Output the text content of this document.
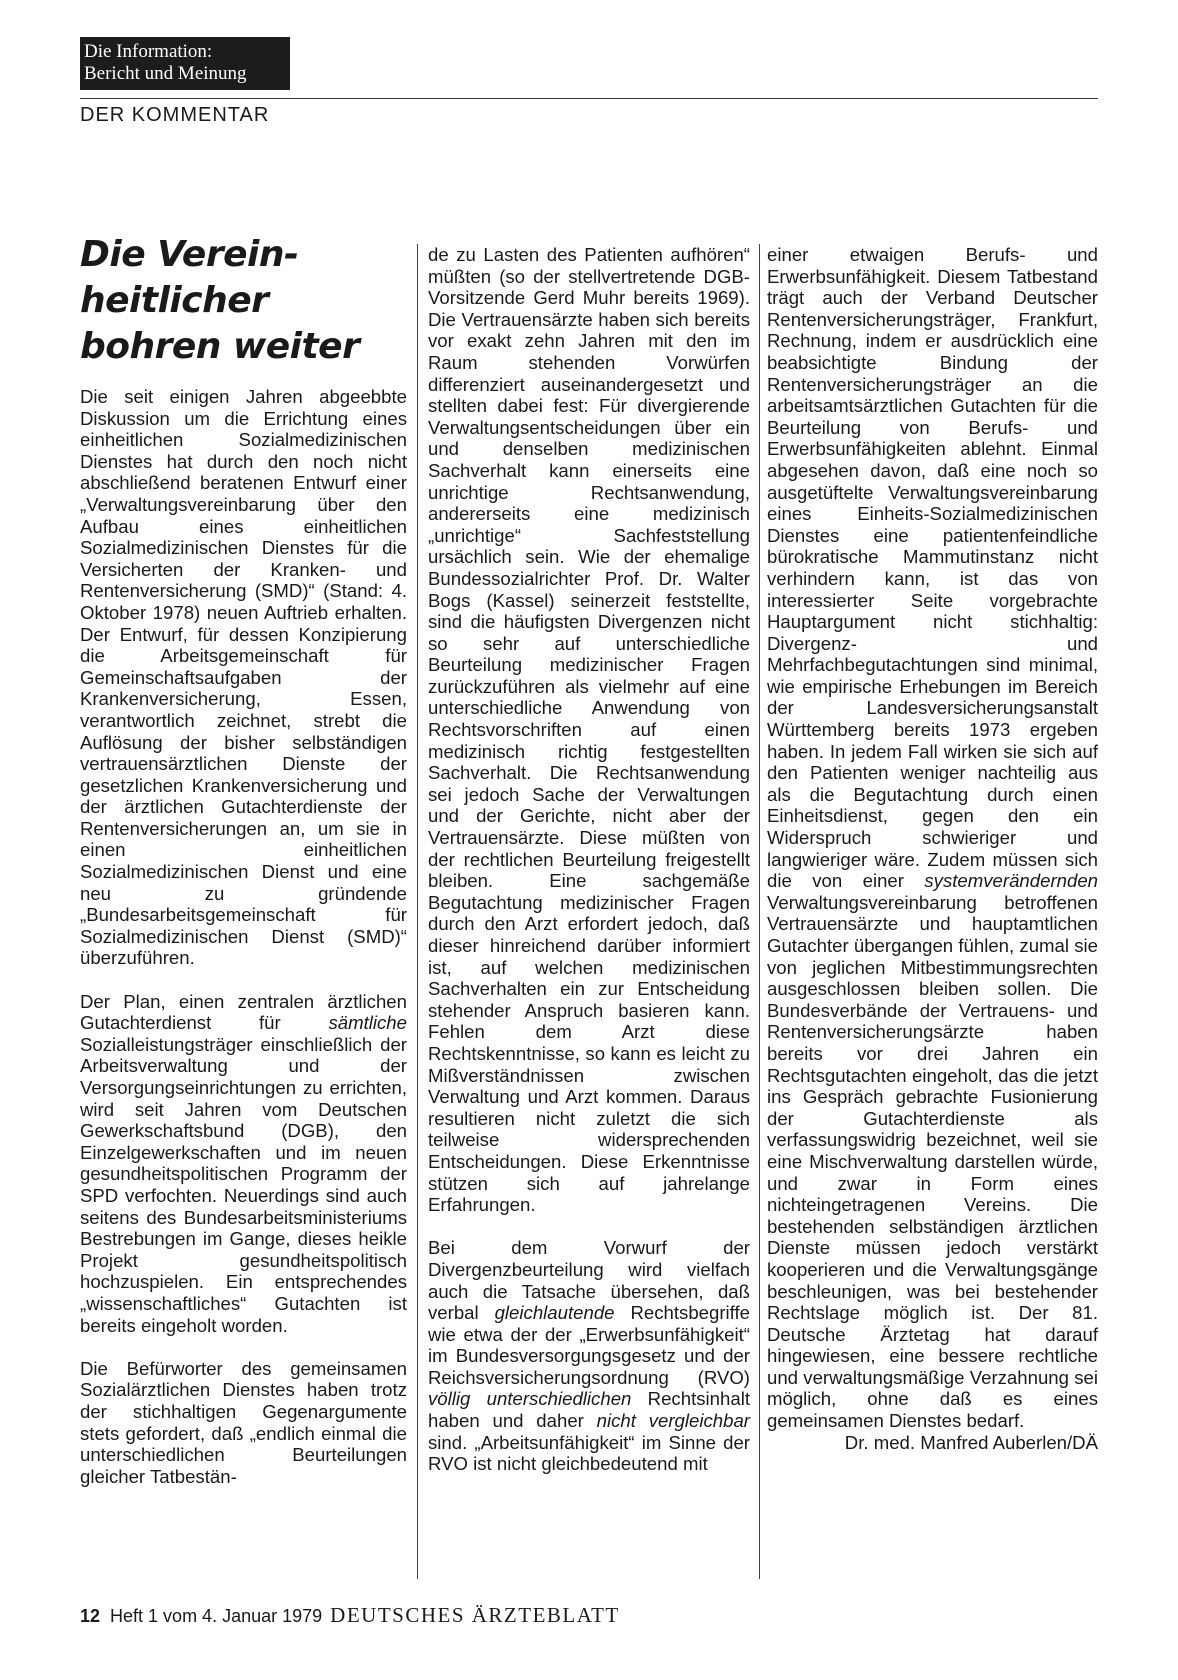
Die Information:
Bericht und Meinung
DER KOMMENTAR
Die Verein-
heitlicher
bohren weiter

Die seit einigen Jahren abgeebbte Diskussion um die Errichtung eines einheitlichen Sozialmedizinischen Dienstes hat durch den noch nicht abschließend beratenen Entwurf einer „Verwaltungsvereinbarung über den Aufbau eines einheitlichen Sozialmedizinischen Dienstes für die Versicherten der Kranken- und Rentenversicherung (SMD)“ (Stand: 4. Oktober 1978) neuen Auftrieb erhalten. Der Entwurf, für dessen Konzipierung die Arbeitsgemeinschaft für Gemeinschaftsaufgaben der Krankenversicherung, Essen, verantwortlich zeichnet, strebt die Auflösung der bisher selbständigen vertrauensärztlichen Dienste der gesetzlichen Krankenversicherung und der ärztlichen Gutachterdienste der Rentenversicherungen an, um sie in einen einheitlichen Sozialmedizinischen Dienst und eine neu zu gründende „Bundesarbeitsgemeinschaft für Sozialmedizinischen Dienst (SMD)“ überzuführen.

Der Plan, einen zentralen ärztlichen Gutachterdienst für sämtliche Sozialleistungsträger einschließlich der Arbeitsverwaltung und der Versorgungseinrichtungen zu errichten, wird seit Jahren vom Deutschen Gewerkschaftsbund (DGB), den Einzelgewerkschaften und im neuen gesundheitspolitischen Programm der SPD verfochten. Neuerdings sind auch seitens des Bundesarbeitsministeriums Bestrebungen im Gange, dieses heikle Projekt gesundheitspolitisch hochzuspielen. Ein entsprechendes „wissenschaftliches“ Gutachten ist bereits eingeholt worden.

Die Befürworter des gemeinsamen Sozialärztlichen Dienstes haben trotz der stichhaltigen Gegenargumente stets gefordert, daß „endlich einmal die unterschiedlichen Beurteilungen gleicher Tatbestän-

de zu Lasten des Patienten aufhören“ müßten (so der stellvertretende DGB-Vorsitzende Gerd Muhr bereits 1969). Die Vertrauensärzte haben sich bereits vor exakt zehn Jahren mit den im Raum stehenden Vorwürfen differenziert auseinandergesetzt und stellten dabei fest: Für divergierende Verwaltungsentscheidungen über ein und denselben medizinischen Sachverhalt kann einerseits eine unrichtige Rechtsanwendung, andererseits eine medizinisch „unrichtige“ Sachfeststellung ursächlich sein. Wie der ehemalige Bundessozialrichter Prof. Dr. Walter Bogs (Kassel) seinerzeit feststellte, sind die häufigsten Divergenzen nicht so sehr auf unterschiedliche Beurteilung medizinischer Fragen zurückzuführen als vielmehr auf eine unterschiedliche Anwendung von Rechtsvorschriften auf einen medizinisch richtig festgestellten Sachverhalt. Die Rechtsanwendung sei jedoch Sache der Verwaltungen und der Gerichte, nicht aber der Vertrauensärzte. Diese müßten von der rechtlichen Beurteilung freigestellt bleiben. Eine sachgemäße Begutachtung medizinischer Fragen durch den Arzt erfordert jedoch, daß dieser hinreichend darüber informiert ist, auf welchen medizinischen Sachverhalten ein zur Entscheidung stehender Anspruch basieren kann. Fehlen dem Arzt diese Rechtskenntnisse, so kann es leicht zu Mißverständnissen zwischen Verwaltung und Arzt kommen. Daraus resultieren nicht zuletzt die sich teilweise widersprechenden Entscheidungen. Diese Erkenntnisse stützen sich auf jahrelange Erfahrungen.

Bei dem Vorwurf der Divergenzbeurteilung wird vielfach auch die Tatsache übersehen, daß verbal gleichlautende Rechtsbegriffe wie etwa der der „Erwerbsunfähigkeit“ im Bundesversorgungsgesetz und der Reichsversicherungsordnung (RVO) völlig unterschiedlichen Rechtsinhalt haben und daher nicht vergleichbar sind. „Arbeitsunfähigkeit“ im Sinne der RVO ist nicht gleichbedeutend mit

einer etwaigen Berufs- und Erwerbsunfähigkeit. Diesem Tatbestand trägt auch der Verband Deutscher Rentenversicherungsträger, Frankfurt, Rechnung, indem er ausdrücklich eine beabsichtigte Bindung der Rentenversicherungsträger an die arbeitsamtsärztlichen Gutachten für die Beurteilung von Berufs- und Erwerbsunfähigkeiten ablehnt. Einmal abgesehen davon, daß eine noch so ausgetüftelte Verwaltungsvereinbarung eines Einheits-Sozialmedizinischen Dienstes eine patientenfeindliche bürokratische Mammutinstanz nicht verhindern kann, ist das von interessierter Seite vorgebrachte Hauptargument nicht stichhaltig: Divergenz- und Mehrfachbegutachtungen sind minimal, wie empirische Erhebungen im Bereich der Landesversicherungsanstalt Württemberg bereits 1973 ergeben haben. In jedem Fall wirken sie sich auf den Patienten weniger nachteilig aus als die Begutachtung durch einen Einheitsdienst, gegen den ein Widerspruch schwieriger und langwieriger wäre. Zudem müssen sich die von einer systemverändernden Verwaltungsvereinbarung betroffenen Vertrauensärzte und hauptamtlichen Gutachter übergangen fühlen, zumal sie von jeglichen Mitbestimmungsrechten ausgeschlossen bleiben sollen. Die Bundesverbände der Vertrauens- und Rentenversicherungsärzte haben bereits vor drei Jahren ein Rechtsgutachten eingeholt, das die jetzt ins Gespräch gebrachte Fusionierung der Gutachterdienste als verfassungswidrig bezeichnet, weil sie eine Mischverwaltung darstellen würde, und zwar in Form eines nichteingetragenen Vereins. Die bestehenden selbständigen ärztlichen Dienste müssen jedoch verstärkt kooperieren und die Verwaltungsgänge beschleunigen, was bei bestehender Rechtslage möglich ist. Der 81. Deutsche Ärztetag hat darauf hingewiesen, eine bessere rechtliche und verwaltungsmäßige Verzahnung sei möglich, ohne daß es eines gemeinsamen Dienstes bedarf.

Dr. med. Manfred Auberlen/DÄ

12 Heft 1 vom 4. Januar 1979 DEUTSCHES ÄRZTEBLATT
